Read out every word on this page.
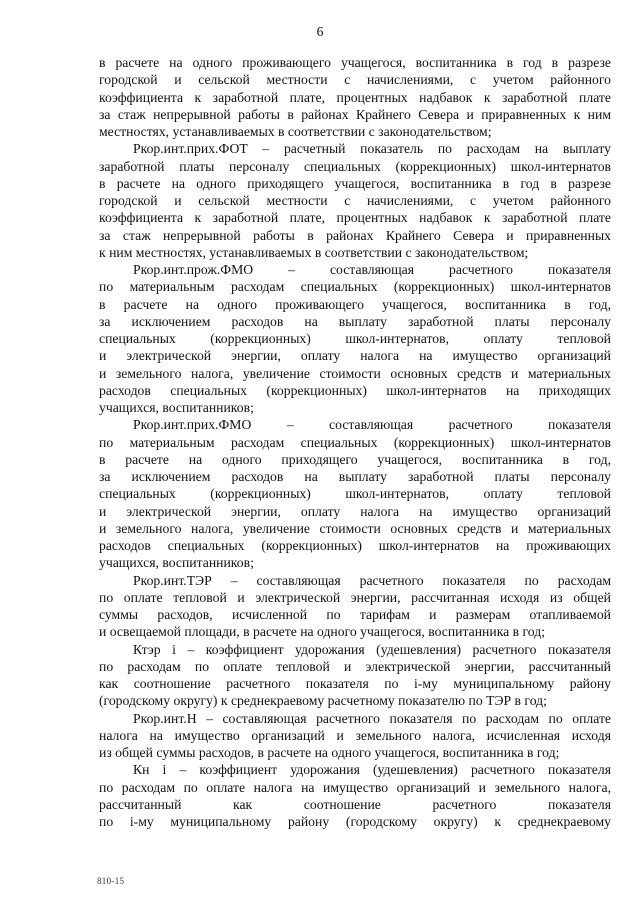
6
в расчете на одного проживающего учащегося, воспитанника в год в разрезе
городской и сельской местности с начислениями, с учетом районного
коэффициента к заработной плате, процентных надбавок к заработной плате
за стаж непрерывной работы в районах Крайнего Севера и приравненных к ним
местностях, устанавливаемых в соответствии с законодательством;
Ркор.инт.прих.ФОТ – расчетный показатель по расходам на выплату
заработной платы персоналу специальных (коррекционных) школ-интернатов
в расчете на одного приходящего учащегося, воспитанника в год в разрезе
городской и сельской местности с начислениями, с учетом районного
коэффициента к заработной плате, процентных надбавок к заработной плате
за стаж непрерывной работы в районах Крайнего Севера и приравненных
к ним местностях, устанавливаемых в соответствии с законодательством;
Ркор.инт.прож.ФМО – составляющая расчетного показателя
по материальным расходам специальных (коррекционных) школ-интернатов
в расчете на одного проживающего учащегося, воспитанника в год,
за исключением расходов на выплату заработной платы персоналу
специальных (коррекционных) школ-интернатов, оплату тепловой
и электрической энергии, оплату налога на имущество организаций
и земельного налога, увеличение стоимости основных средств и материальных
расходов специальных (коррекционных) школ-интернатов на приходящих
учащихся, воспитанников;
Ркор.инт.прих.ФМО – составляющая расчетного показателя
по материальным расходам специальных (коррекционных) школ-интернатов
в расчете на одного приходящего учащегося, воспитанника в год,
за исключением расходов на выплату заработной платы персоналу
специальных (коррекционных) школ-интернатов, оплату тепловой
и электрической энергии, оплату налога на имущество организаций
и земельного налога, увеличение стоимости основных средств и материальных
расходов специальных (коррекционных) школ-интернатов на проживающих
учащихся, воспитанников;
Ркор.инт.ТЭР – составляющая расчетного показателя по расходам
по оплате тепловой и электрической энергии, рассчитанная исходя из общей
суммы расходов, исчисленной по тарифам и размерам отапливаемой
и освещаемой площади, в расчете на одного учащегося, воспитанника в год;
Ктэр i – коэффициент удорожания (удешевления) расчетного показателя
по расходам по оплате тепловой и электрической энергии, рассчитанный
как соотношение расчетного показателя по i-му муниципальному району
(городскому округу) к среднекраевому расчетному показателю по ТЭР в год;
Ркор.инт.Н – составляющая расчетного показателя по расходам по оплате
налога на имущество организаций и земельного налога, исчисленная исходя
из общей суммы расходов, в расчете на одного учащегося, воспитанника в год;
Кн i – коэффициент удорожания (удешевления) расчетного показателя
по расходам по оплате налога на имущество организаций и земельного налога,
рассчитанный как соотношение расчетного показателя
по i-му муниципальному району (городскому округу) к среднекраевому
810-15
